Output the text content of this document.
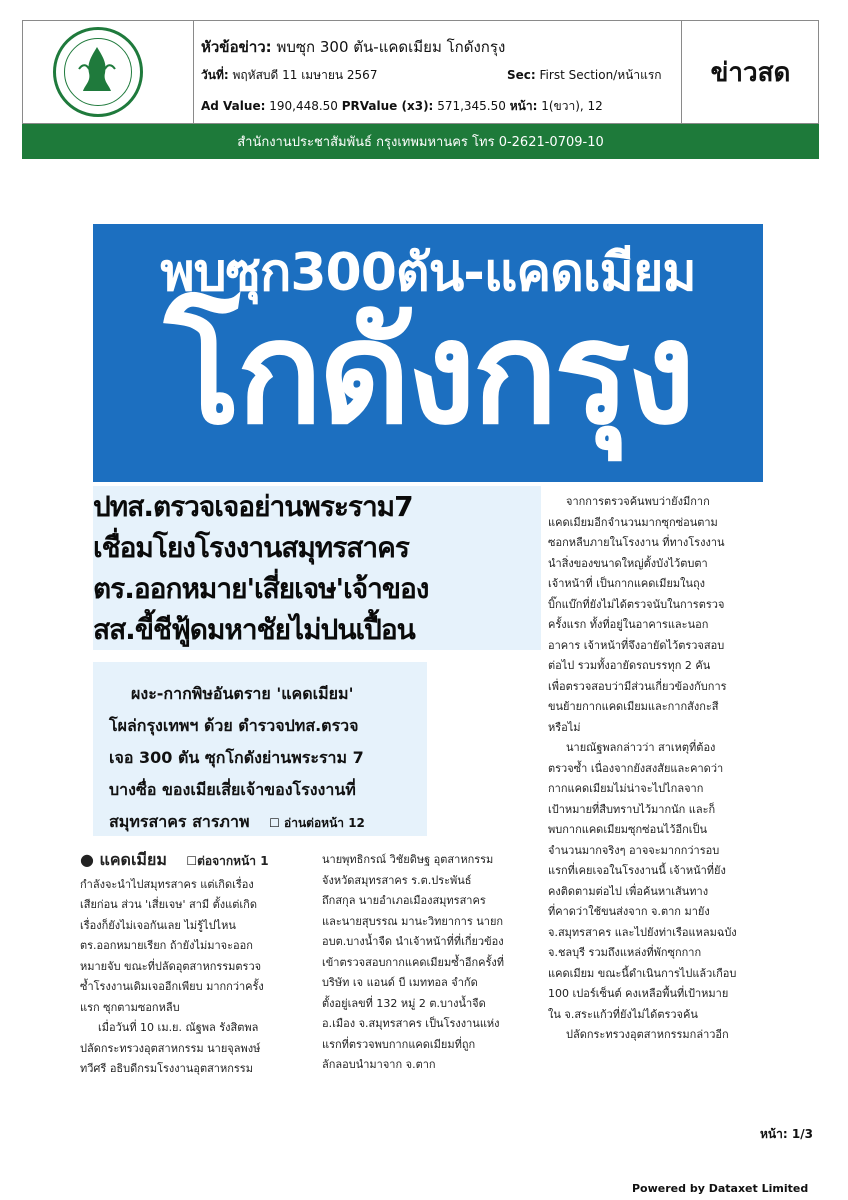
หัวข้อข่าว: พบซุก 300 ตัน-แคดเมียม โกดังกรุง
วันที่: พฤหัสบดี 11 เมษายน 2567	Sec: First Section/หน้าแรก
Ad Value: 190,448.50 PRValue (x3): 571,345.50 หน้า: 1(ขวา), 12
ข่าวสด
สำนักงานประชาสัมพันธ์ กรุงเทพมหานคร โทร 0-2621-0709-10
พบซุก300ตัน-แคดเมียม
โกดังกรุง
ปทส.ตรวจเจอย่านพระราม7
เชื่อมโยงโรงงานสมุทรสาคร
ตร.ออกหมาย'เสี่ยเจษ'เจ้าของ
สส.ขี้ชีฟู้ดมหาชัยไม่ปนเปื้อน

ผงะ-กากพิษอันตราย 'แคดเมียม'

โผล่กรุงเทพฯ ด้วย ตำรวจปทส.ตรวจ

เจอ 300 ตัน ซุกโกดังย่านพระราม 7

บางซื่อ ของเมียเสี่ยเจ้าของโรงงานที่

สมุทรสาคร สารภาพ ☐ อ่านต่อหน้า 12

จากการตรวจค้นพบว่ายังมีกาก

แคดเมียมอีกจำนวนมากซุกซ่อนตาม

ซอกหลืบภายในโรงงาน ที่ทางโรงงาน

นำสิ่งของขนาดใหญ่ตั้งบังไว้ตบตา

เจ้าหน้าที่ เป็นกากแคดเมียมในถุง

บิ๊กแบ๊กที่ยังไม่ได้ตรวจนับในการตรวจ

ครั้งแรก ทั้งที่อยู่ในอาคารและนอก

อาคาร เจ้าหน้าที่จึงอายัดไว้ตรวจสอบ

ต่อไป รวมทั้งอายัดรถบรรทุก 2 คัน

เพื่อตรวจสอบว่ามีส่วนเกี่ยวข้องกับการ

ขนย้ายกากแคดเมียมและกากสังกะสี

หรือไม่

นายณัฐพลกล่าวว่า สาเหตุที่ต้อง

ตรวจซ้ำ เนื่องจากยังสงสัยและคาดว่า

กากแคดเมียมไม่น่าจะไปไกลจาก

เป้าหมายที่สืบทราบไว้มากนัก และก็

พบกากแคดเมียมซุกซ่อนไว้อีกเป็น

จำนวนมากจริงๆ อาจจะมากกว่ารอบ

แรกที่เคยเจอในโรงงานนี้ เจ้าหน้าที่ยัง

คงติดตามต่อไป เพื่อค้นหาเส้นทาง

ที่คาดว่าใช้ขนส่งจาก จ.ตาก มายัง

จ.สมุทรสาคร และไปยังท่าเรือแหลมฉบัง

จ.ชลบุรี รวมถึงแหล่งที่พักซุกกาก

แคดเมียม ขณะนี้ดำเนินการไปแล้วเกือบ

100 เปอร์เซ็นต์ คงเหลือพื้นที่เป้าหมาย

ใน จ.สระแก้วที่ยังไม่ได้ตรวจค้น

ปลัดกระทรวงอุตสาหกรรมกล่าวอีก

● แคดเมียม ☐ต่อจากหน้า 1

กำลังจะนำไปสมุทรสาคร แต่เกิดเรื่อง

เสียก่อน ส่วน 'เสี่ยเจษ' สามี ตั้งแต่เกิด

เรื่องก็ยังไม่เจอกันเลย ไม่รู้ไปไหน

ตร.ออกหมายเรียก ถ้ายังไม่มาจะออก

หมายจับ ขณะที่ปลัดอุตสาหกรรมตรวจ

ซ้ำโรงงานเดิมเจออีกเพียบ มากกว่าครั้ง

แรก ซุกตามซอกหลืบ

เมื่อวันที่ 10 เม.ย. ณัฐพล รังสิตพล

ปลัดกระทรวงอุตสาหกรรม นายจุลพงษ์

ทวีศรี อธิบดีกรมโรงงานอุตสาหกรรม

นายพุทธิกรณ์ วิชัยดิษฐ อุตสาหกรรม

จังหวัดสมุทรสาคร ร.ต.ประพันธ์

ถึกสกุล นายอำเภอเมืองสมุทรสาคร

และนายสุบรรณ มานะวิทยาการ นายก

อบต.บางน้ำจืด นำเจ้าหน้าที่ที่เกี่ยวข้อง

เข้าตรวจสอบกากแคดเมียมซ้ำอีกครั้งที่

บริษัท เจ แอนด์ บี เมททอล จำกัด

ตั้งอยู่เลขที่ 132 หมู่ 2 ต.บางน้ำจืด

อ.เมือง จ.สมุทรสาคร เป็นโรงงานแห่ง

แรกที่ตรวจพบกากแคดเมียมที่ถูก

ลักลอบนำมาจาก จ.ตาก

หน้า: 1/3
Powered by Dataxet Limited
